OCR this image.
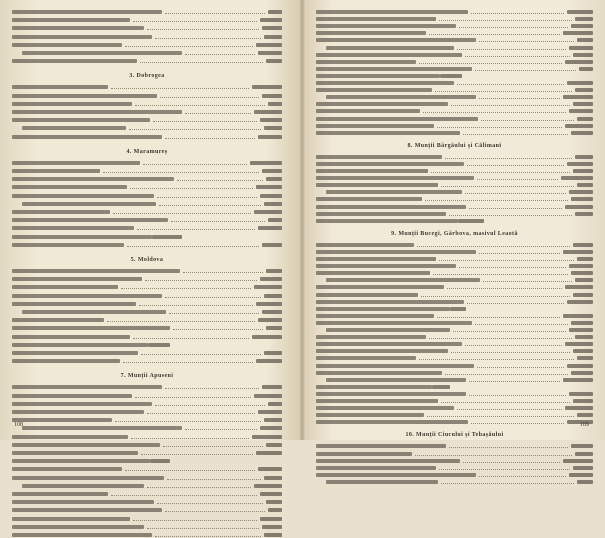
3. Dobrogea
4. Maramureș
5. Moldova
7. Munții Apuseni
8. Munții Bârgăului și Călimani
9. Munții Bucegi, Gârbova, masivul Leaotă
10. Munții Ciucului și Tehașăului
108	109
